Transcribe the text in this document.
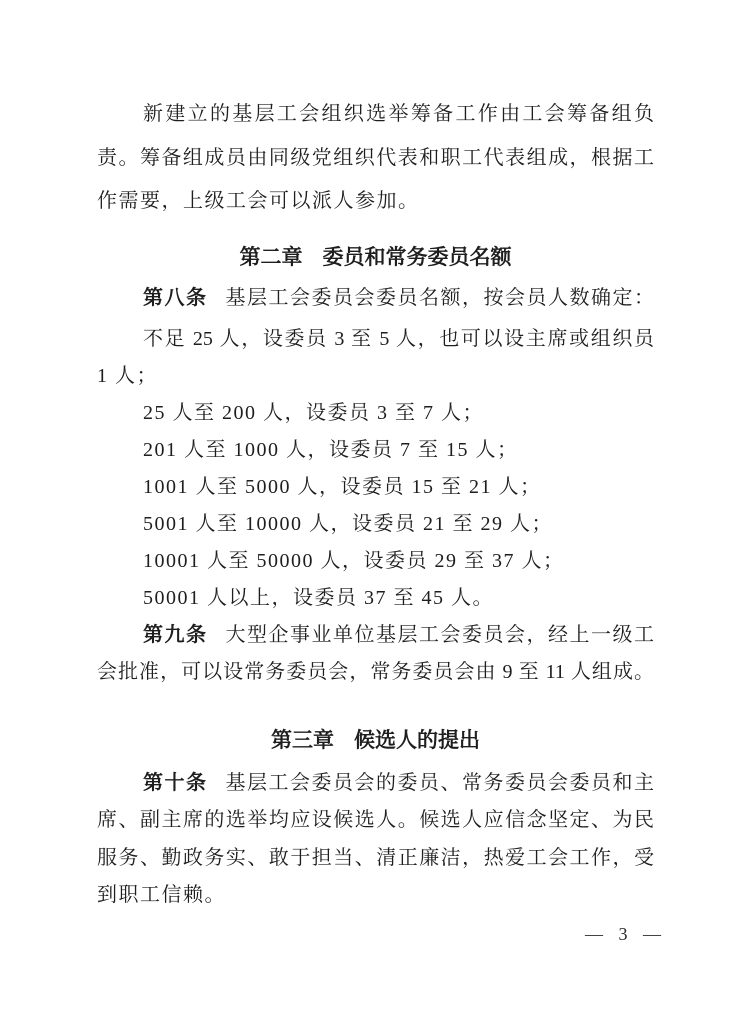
新建立的基层工会组织选举筹备工作由工会筹备组负
责。筹备组成员由同级党组织代表和职工代表组成，根据工
作需要，上级工会可以派人参加。
第二章 委员和常务委员名额
第八条 基层工会委员会委员名额，按会员人数确定：
不足 25 人，设委员 3 至 5 人，也可以设主席或组织员
1 人；
25 人至 200 人，设委员 3 至 7 人；
201 人至 1000 人，设委员 7 至 15 人；
1001 人至 5000 人，设委员 15 至 21 人；
5001 人至 10000 人，设委员 21 至 29 人；
10001 人至 50000 人，设委员 29 至 37 人；
50001 人以上，设委员 37 至 45 人。
第九条 大型企事业单位基层工会委员会，经上一级工
会批准，可以设常务委员会，常务委员会由 9 至 11 人组成。
第三章 候选人的提出
第十条 基层工会委员会的委员、常务委员会委员和主
席、副主席的选举均应设候选人。候选人应信念坚定、为民
服务、勤政务实、敢于担当、清正廉洁，热爱工会工作，受
到职工信赖。
— 3 —
